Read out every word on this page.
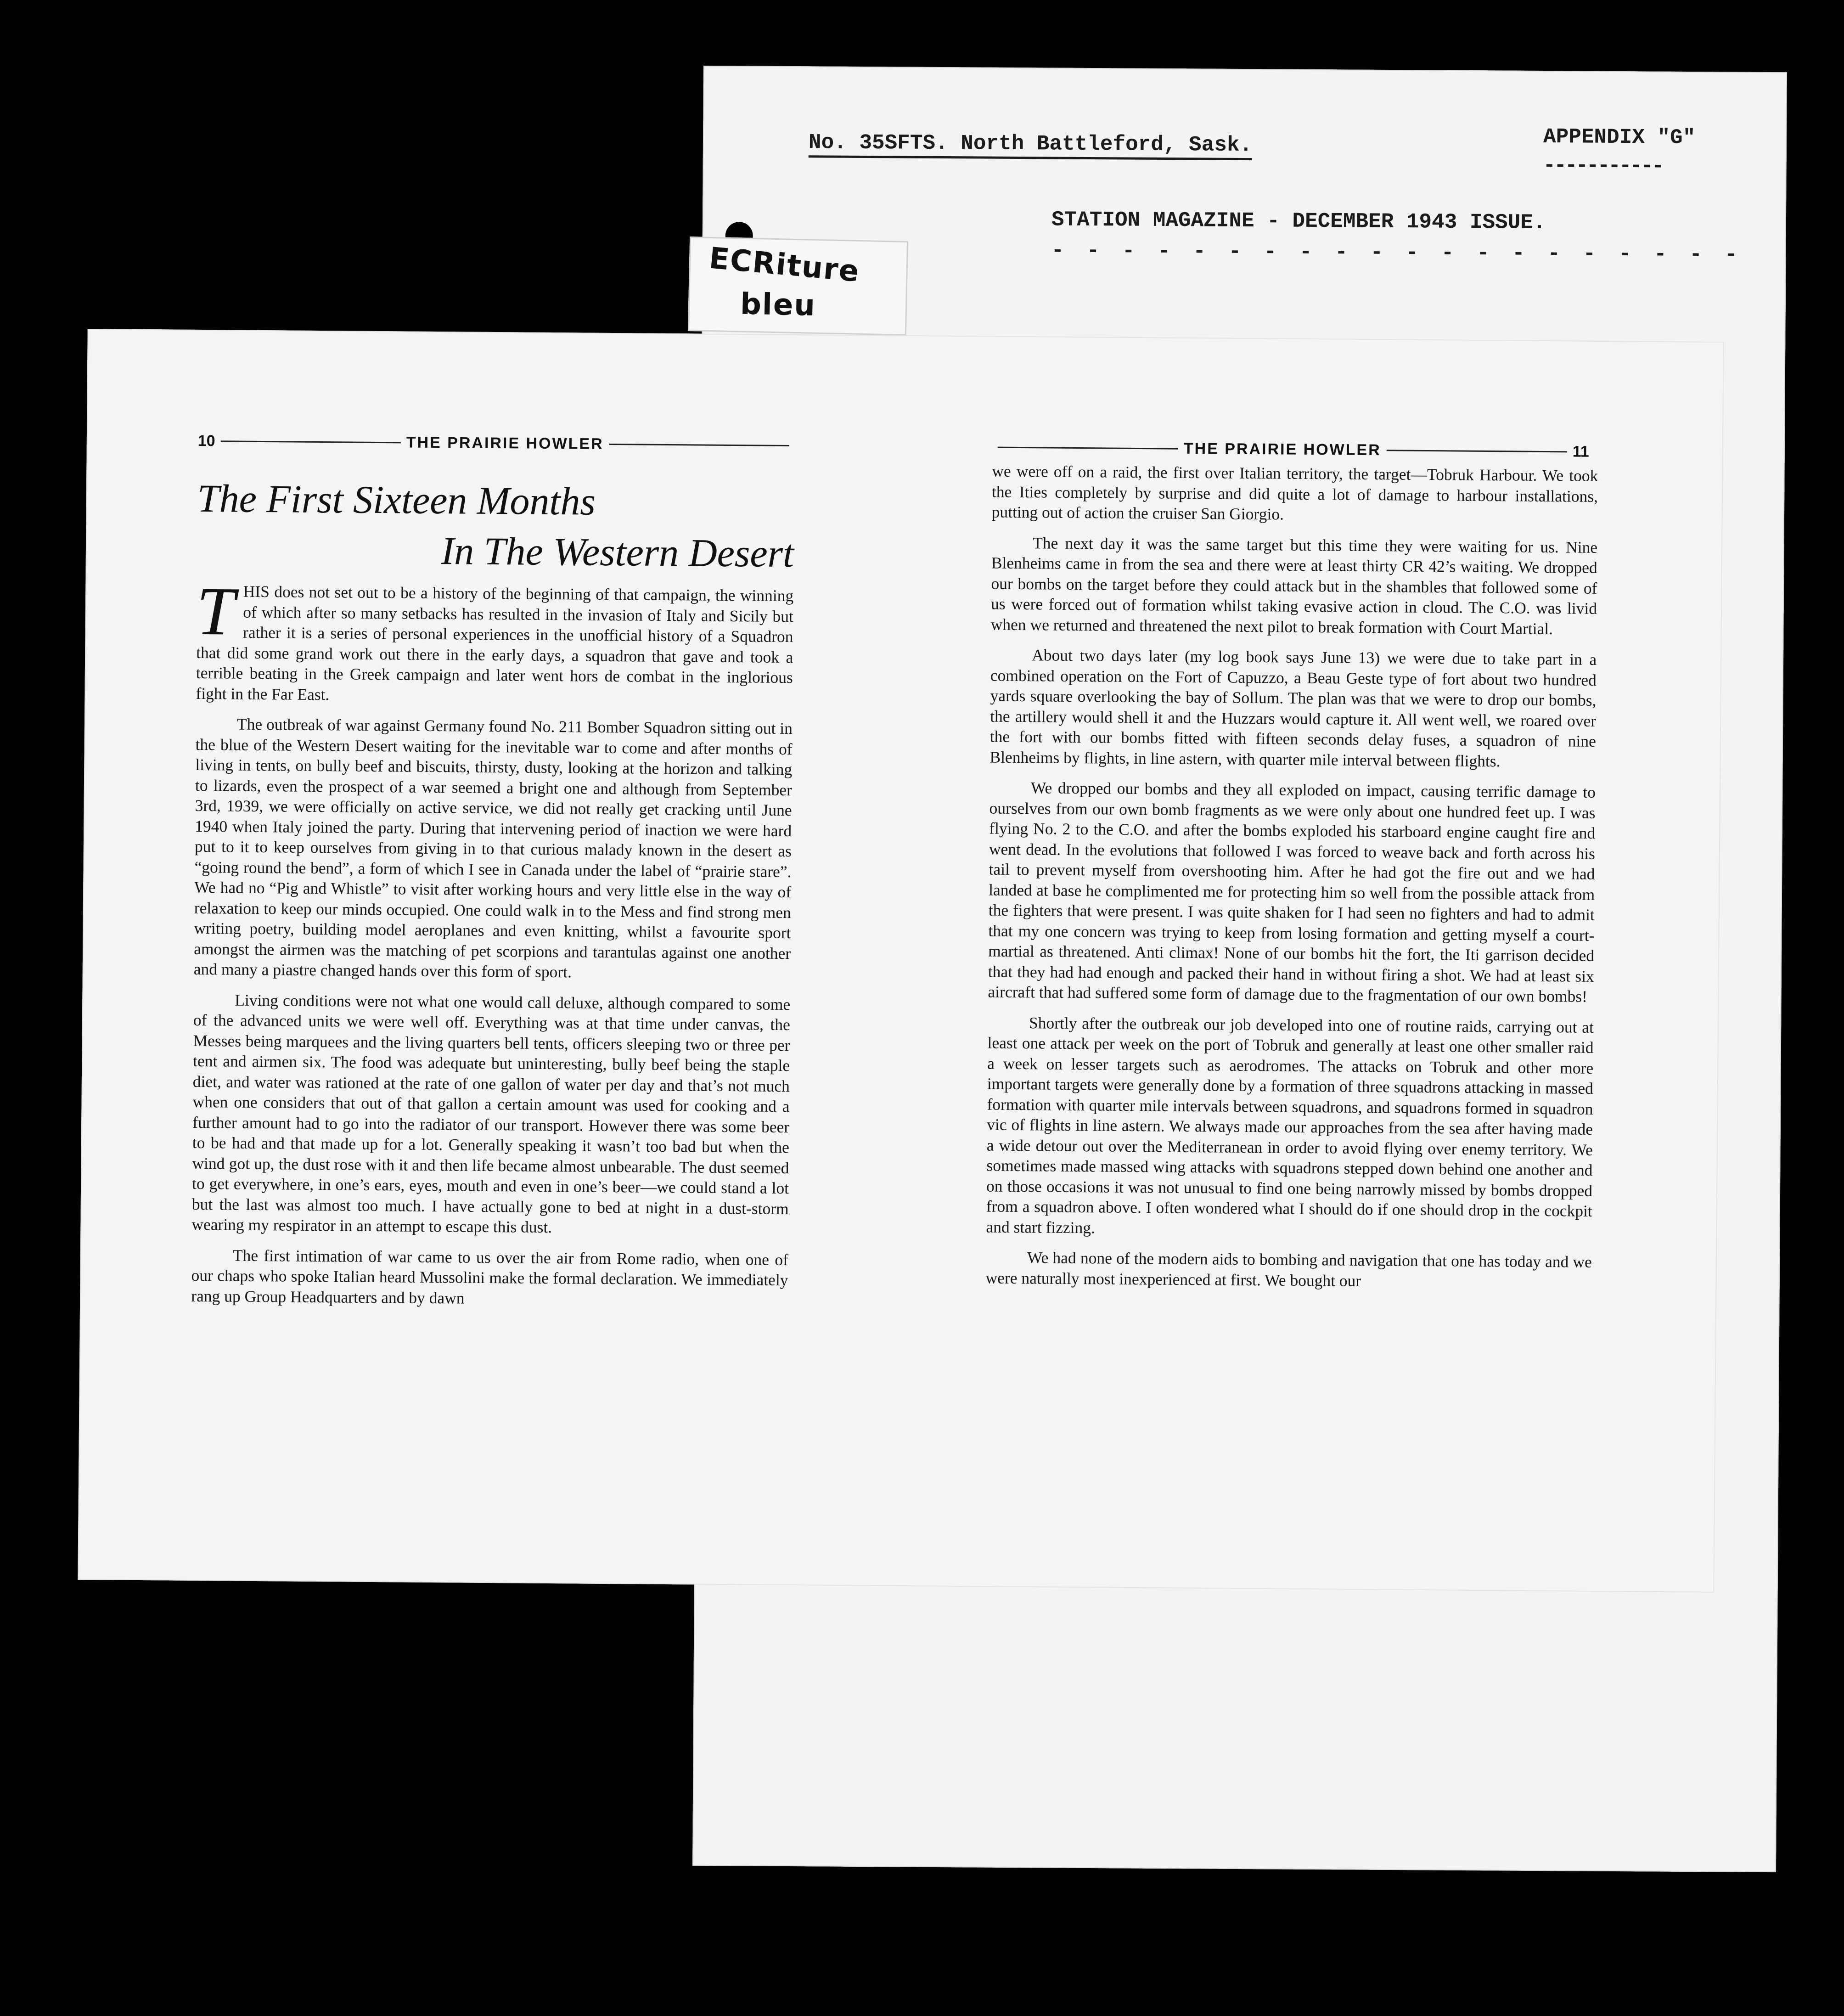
No. 35SFTS. North Battleford, Sask.	APPENDIX "G"
-----------
STATION MAGAZINE - DECEMBER 1943 ISSUE.
- - - - - - - - - - - - - - - - - - - -
ECRiture
bleu
10	THE PRAIRIE HOWLER
The First Sixteen Months
In The Western Desert

THIS does not set out to be a history of the beginning of that campaign, the winning of which after so many setbacks has resulted in the invasion of Italy and Sicily but rather it is a series of personal experiences in the unofficial history of a Squadron that did some grand work out there in the early days, a squadron that gave and took a terrible beating in the Greek campaign and later went hors de combat in the inglorious fight in the Far East.

The outbreak of war against Germany found No. 211 Bomber Squadron sitting out in the blue of the Western Desert waiting for the inevitable war to come and after months of living in tents, on bully beef and biscuits, thirsty, dusty, looking at the horizon and talking to lizards, even the prospect of a war seemed a bright one and although from September 3rd, 1939, we were officially on active service, we did not really get cracking until June 1940 when Italy joined the party. During that intervening period of inaction we were hard put to it to keep ourselves from giving in to that curious malady known in the desert as “going round the bend”, a form of which I see in Canada under the label of “prairie stare”. We had no “Pig and Whistle” to visit after working hours and very little else in the way of relaxation to keep our minds occupied. One could walk in to the Mess and find strong men writing poetry, building model aeroplanes and even knitting, whilst a favourite sport amongst the airmen was the matching of pet scorpions and tarantulas against one another and many a piastre changed hands over this form of sport.

Living conditions were not what one would call deluxe, although compared to some of the advanced units we were well off. Everything was at that time under canvas, the Messes being marquees and the living quarters bell tents, officers sleeping two or three per tent and airmen six. The food was adequate but uninteresting, bully beef being the staple diet, and water was rationed at the rate of one gallon of water per day and that’s not much when one considers that out of that gallon a certain amount was used for cooking and a further amount had to go into the radiator of our transport. However there was some beer to be had and that made up for a lot. Generally speaking it wasn’t too bad but when the wind got up, the dust rose with it and then life became almost unbearable. The dust seemed to get everywhere, in one’s ears, eyes, mouth and even in one’s beer—we could stand a lot but the last was almost too much. I have actually gone to bed at night in a dust-storm wearing my respirator in an attempt to escape this dust.

The first intimation of war came to us over the air from Rome radio, when one of our chaps who spoke Italian heard Mussolini make the formal declaration. We immediately rang up Group Headquarters and by dawn

THE PRAIRIE HOWLER	11

we were off on a raid, the first over Italian territory, the target—Tobruk Harbour. We took the Ities completely by surprise and did quite a lot of damage to harbour installations, putting out of action the cruiser San Giorgio.

The next day it was the same target but this time they were waiting for us. Nine Blenheims came in from the sea and there were at least thirty CR 42’s waiting. We dropped our bombs on the target before they could attack but in the shambles that followed some of us were forced out of formation whilst taking evasive action in cloud. The C.O. was livid when we returned and threatened the next pilot to break formation with Court Martial.

About two days later (my log book says June 13) we were due to take part in a combined operation on the Fort of Capuzzo, a Beau Geste type of fort about two hundred yards square overlooking the bay of Sollum. The plan was that we were to drop our bombs, the artillery would shell it and the Huzzars would capture it. All went well, we roared over the fort with our bombs fitted with fifteen seconds delay fuses, a squadron of nine Blenheims by flights, in line astern, with quarter mile interval between flights.

We dropped our bombs and they all exploded on impact, causing terrific damage to ourselves from our own bomb fragments as we were only about one hundred feet up. I was flying No. 2 to the C.O. and after the bombs exploded his starboard engine caught fire and went dead. In the evolutions that followed I was forced to weave back and forth across his tail to prevent myself from overshooting him. After he had got the fire out and we had landed at base he complimented me for protecting him so well from the possible attack from the fighters that were present. I was quite shaken for I had seen no fighters and had to admit that my one concern was trying to keep from losing formation and getting myself a court-martial as threatened. Anti climax! None of our bombs hit the fort, the Iti garrison decided that they had had enough and packed their hand in without firing a shot. We had at least six aircraft that had suffered some form of damage due to the fragmentation of our own bombs!

Shortly after the outbreak our job developed into one of routine raids, carrying out at least one attack per week on the port of Tobruk and generally at least one other smaller raid a week on lesser targets such as aerodromes. The attacks on Tobruk and other more important targets were generally done by a formation of three squadrons attacking in massed formation with quarter mile intervals between squadrons, and squadrons formed in squadron vic of flights in line astern. We always made our approaches from the sea after having made a wide detour out over the Mediterranean in order to avoid flying over enemy territory. We sometimes made massed wing attacks with squadrons stepped down behind one another and on those occasions it was not unusual to find one being narrowly missed by bombs dropped from a squadron above. I often wondered what I should do if one should drop in the cockpit and start fizzing.

We had none of the modern aids to bombing and navigation that one has today and we were naturally most inexperienced at first. We bought our
